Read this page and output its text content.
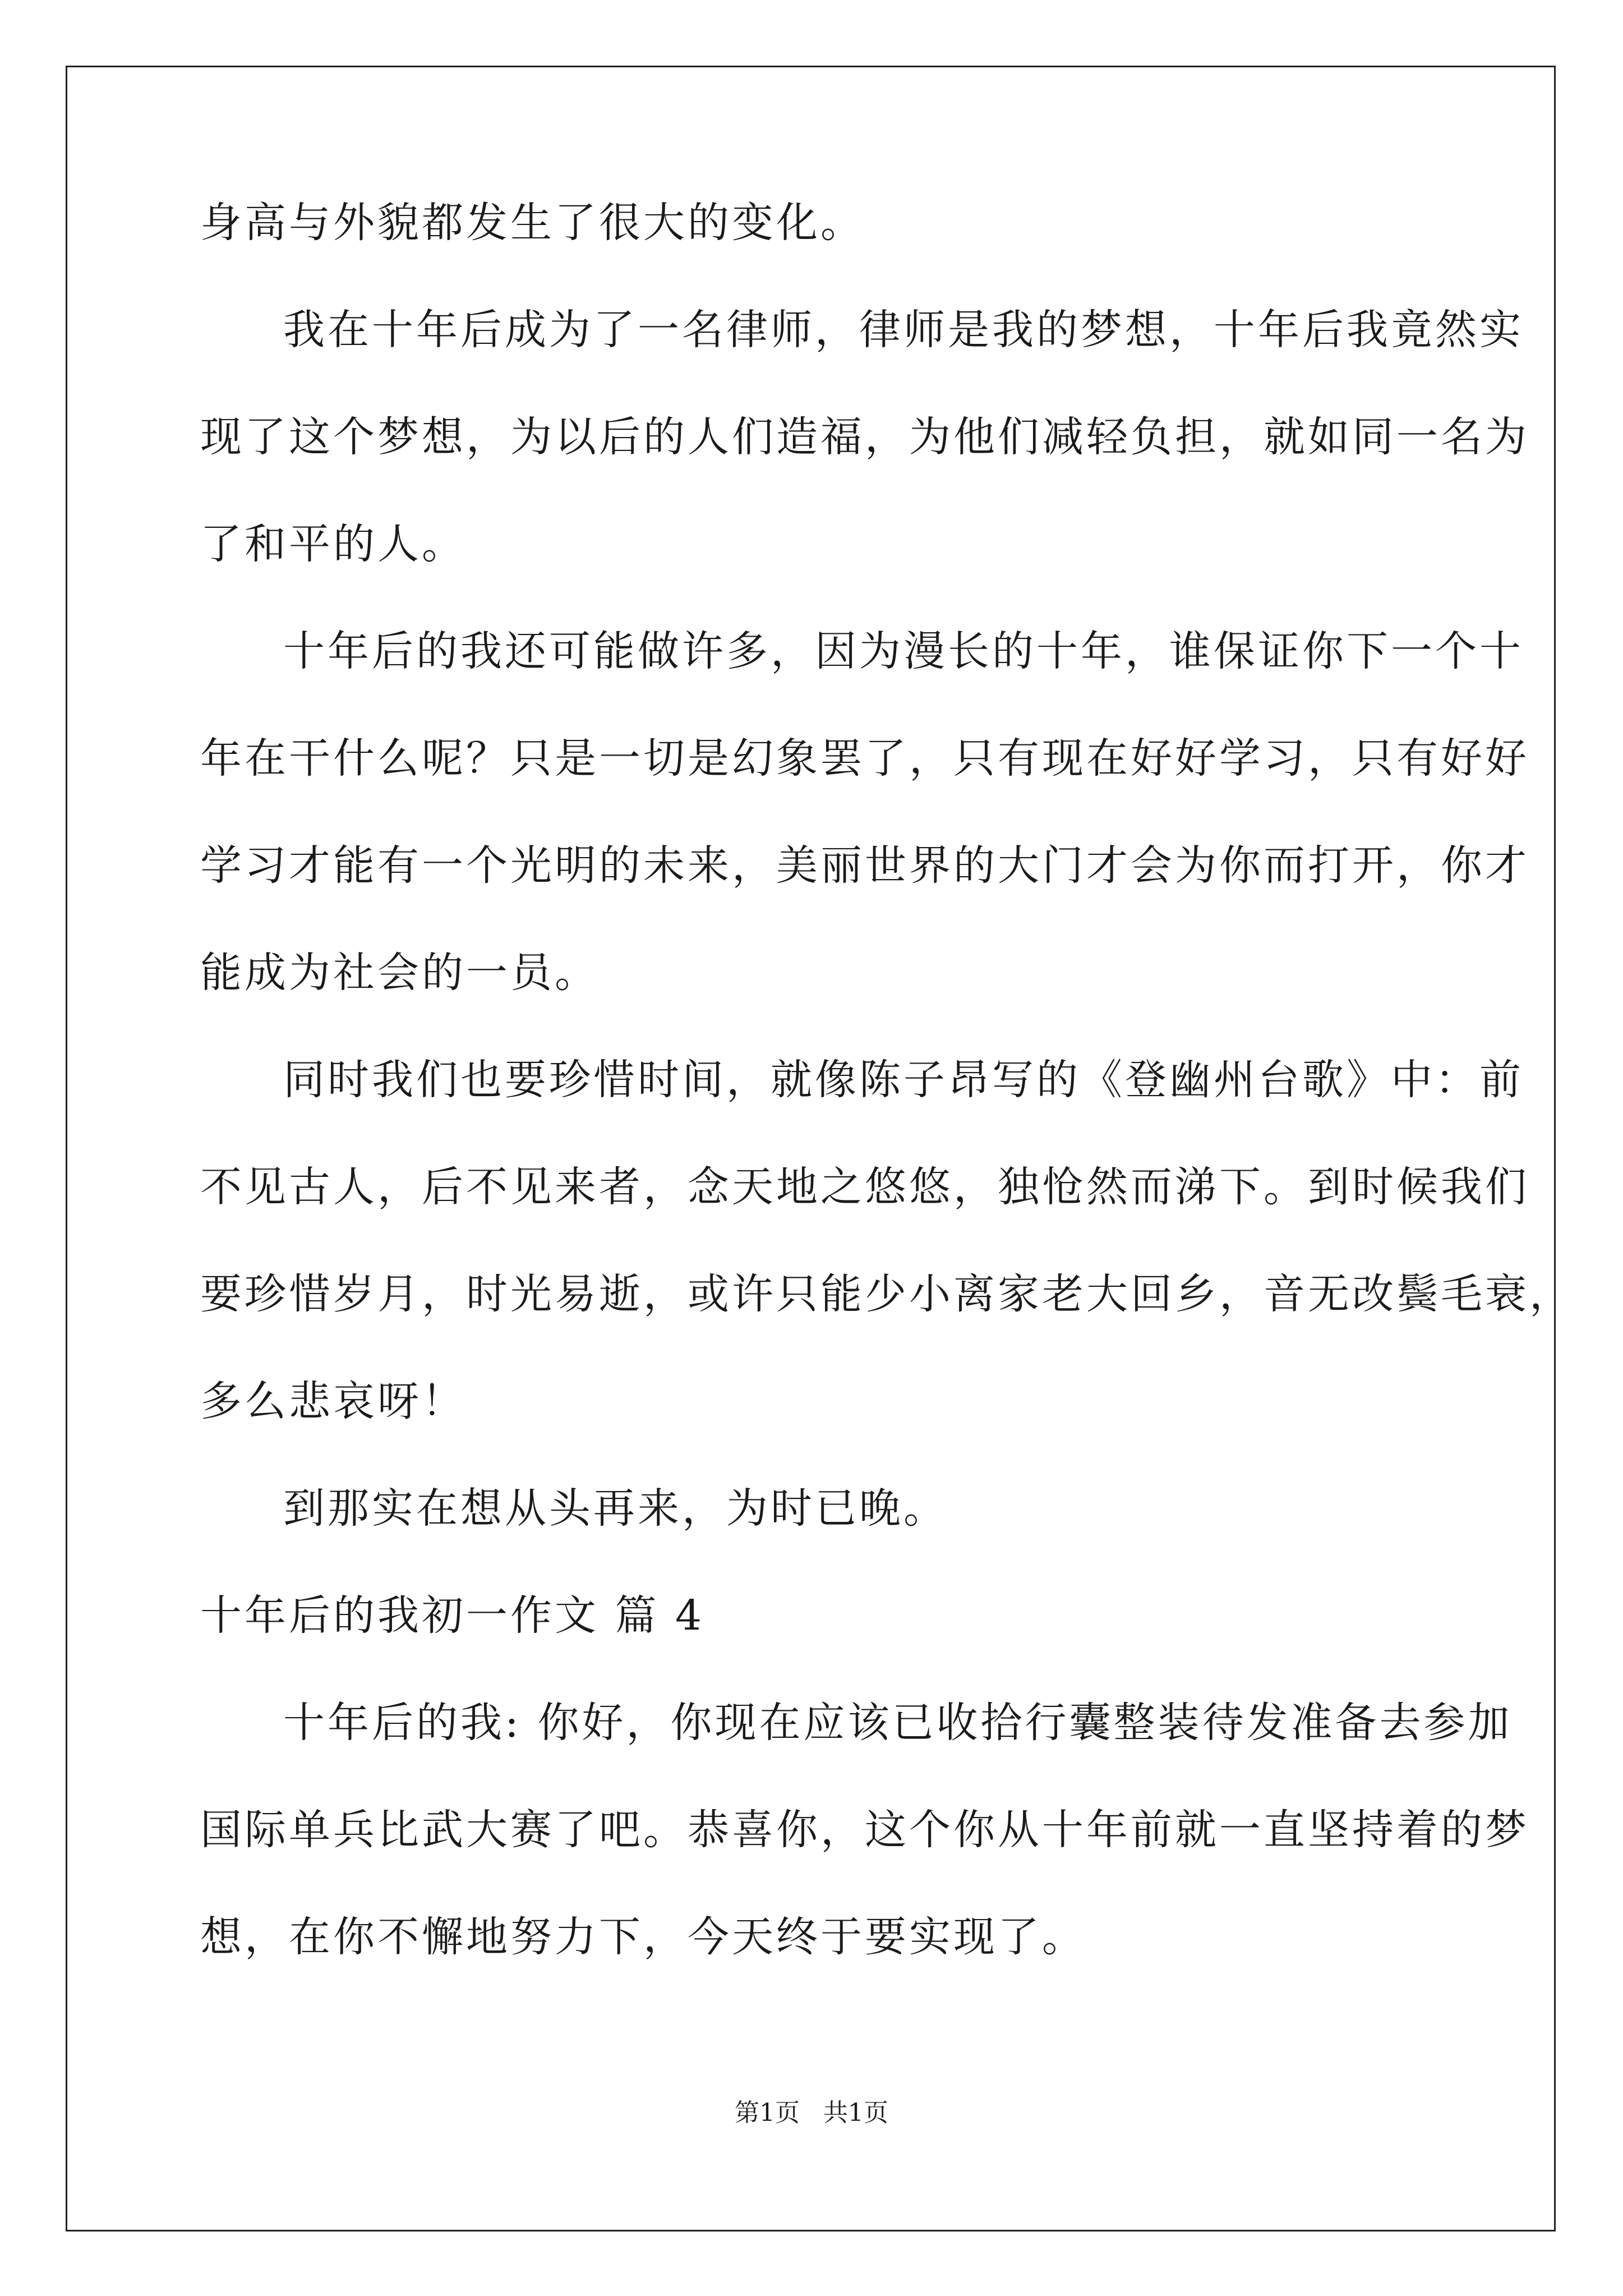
身高与外貌都发生了很大的变化。
我在十年后成为了一名律师，律师是我的梦想，十年后我竟然实
现了这个梦想，为以后的人们造福，为他们减轻负担，就如同一名为
了和平的人。
十年后的我还可能做许多，因为漫长的十年，谁保证你下一个十
年在干什么呢？只是一切是幻象罢了，只有现在好好学习，只有好好
学习才能有一个光明的未来，美丽世界的大门才会为你而打开，你才
能成为社会的一员。
同时我们也要珍惜时间，就像陈子昂写的《登幽州台歌》中：前
不见古人，后不见来者，念天地之悠悠，独怆然而涕下。到时候我们
要珍惜岁月，时光易逝，或许只能少小离家老大回乡，音无改鬓毛衰，
多么悲哀呀！
到那实在想从头再来，为时已晚。
十年后的我初一作文 篇 4
十年后的我: 你好，你现在应该已收拾行囊整装待发准备去参加
国际单兵比武大赛了吧。恭喜你，这个你从十年前就一直坚持着的梦
想，在你不懈地努力下，今天终于要实现了。
第1页   共1页
